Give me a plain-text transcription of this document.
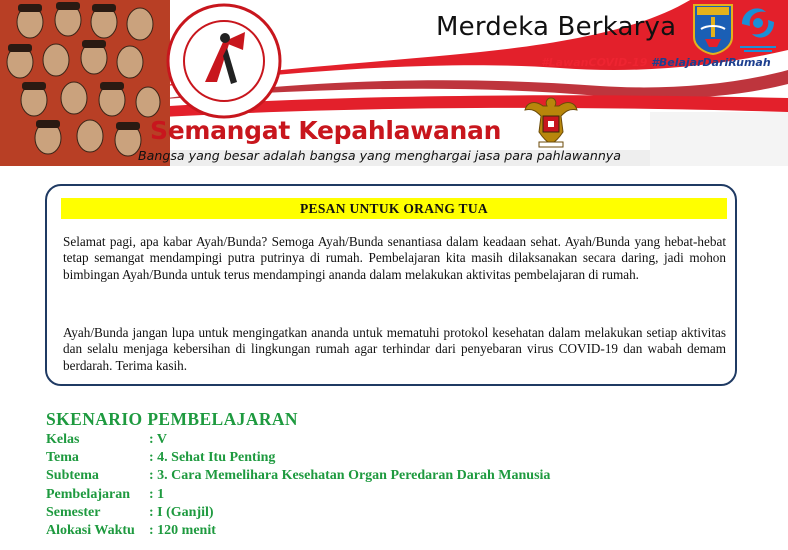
Merdeka Berkarya
#LawanCOVID-19 #BelajarDariRumah
Semangat Kepahlawanan
Bangsa yang besar adalah bangsa yang menghargai jasa para pahlawannya
PESAN UNTUK ORANG TUA

Selamat pagi, apa kabar Ayah/Bunda? Semoga Ayah/Bunda senantiasa dalam keadaan sehat. Ayah/Bunda yang hebat-hebat tetap semangat mendampingi putra putrinya di rumah. Pembelajaran kita masih dilaksanakan secara daring, jadi mohon bimbingan Ayah/Bunda untuk terus mendampingi ananda dalam melakukan aktivitas pembelajaran di rumah.

Ayah/Bunda jangan lupa untuk mengingatkan ananda untuk mematuhi protokol kesehatan dalam melakukan setiap aktivitas dan selalu menjaga kebersihan di lingkungan rumah agar terhindar dari penyebaran virus COVID-19 dan wabah demam berdarah. Terima kasih.

SKENARIO PEMBELAJARAN
Kelas	: V
Tema	: 4. Sehat Itu Penting
Subtema	: 3. Cara Memelihara Kesehatan Organ Peredaran Darah Manusia
Pembelajaran : 1
Semester	: I (Ganjil)
Alokasi Waktu : 120 menit
